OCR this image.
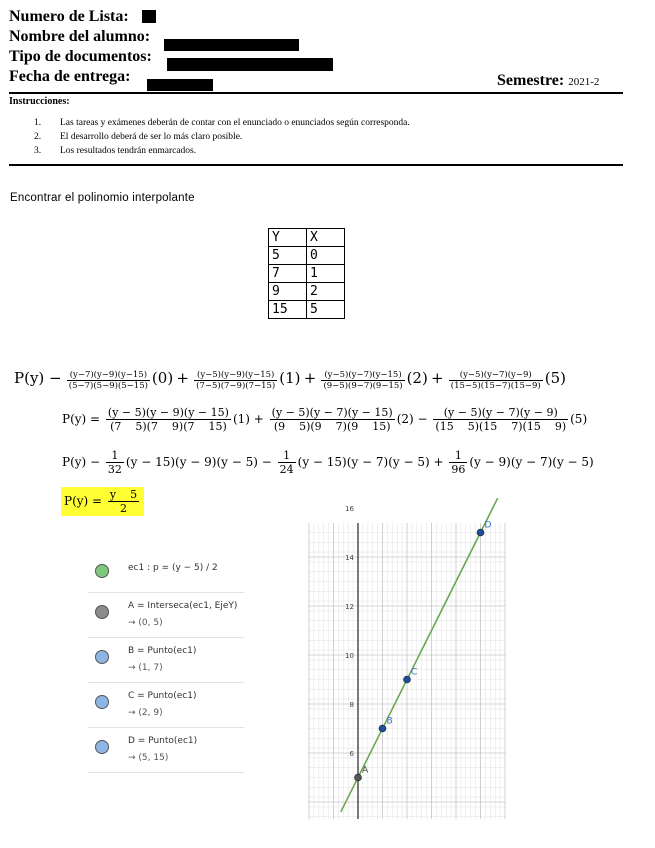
Numero de Lista:
Nombre del alumno:
Tipo de documentos:
Fecha de entrega:	Semestre: 2021-2
Instrucciones:
1. Las tareas y exámenes deberán de contar con el enunciado o enunciados según corresponda.
2. El desarrollo deberá de ser lo más claro posible.
3. Los resultados tendrán enmarcados.
Encontrar el polinomio interpolante
Y	X
5	0
7	1
9	2
15	5
$P(y) - \frac{(y-7)(y-9)(y-15)}{(5-7)(5-9)(5-15)} (0) + \frac{(y-5)(y-9)(y-15)}{(7-5)(7-9)(7-15)} (1) + \frac{(y-5)(y-7)(y-15)}{(9-5)(9-7)(9-15)} (2) + \frac{(y-5)(y-7)(y-9)}{(15-5)(15-7)(15-9)} (5)$
$P(y) = \frac{(y - 5)(y - 9)(y - 15)}{(7 5)(7 9)(7 15)} (1) + \frac{(y - 5)(y - 7)(y - 15)}{(9 5)(9 7)(9 15)} (2) - \frac{(y - 5)(y - 7)(y - 9)}{(15 5)(15 7)(15 9)} (5)$
$P(y) - \frac{1}{32} (y - 15)(y - 9)(y - 5) - \frac{1}{24} (y - 15)(y - 7)(y - 5) + \frac{1}{96} (y - 9)(y - 7)(y - 5)$
$P(y) = \frac{y 5}{2}$
ec1 : p = (y − 5) / 2
A = Interseca(ec1, EjeY)
→ (0, 5)
B = Punto(ec1)
→ (1, 7)
C = Punto(ec1)
→ (2, 9)
D = Punto(ec1)
→ (5, 15)
16
14
12
10
8
6
A
B
C
D
